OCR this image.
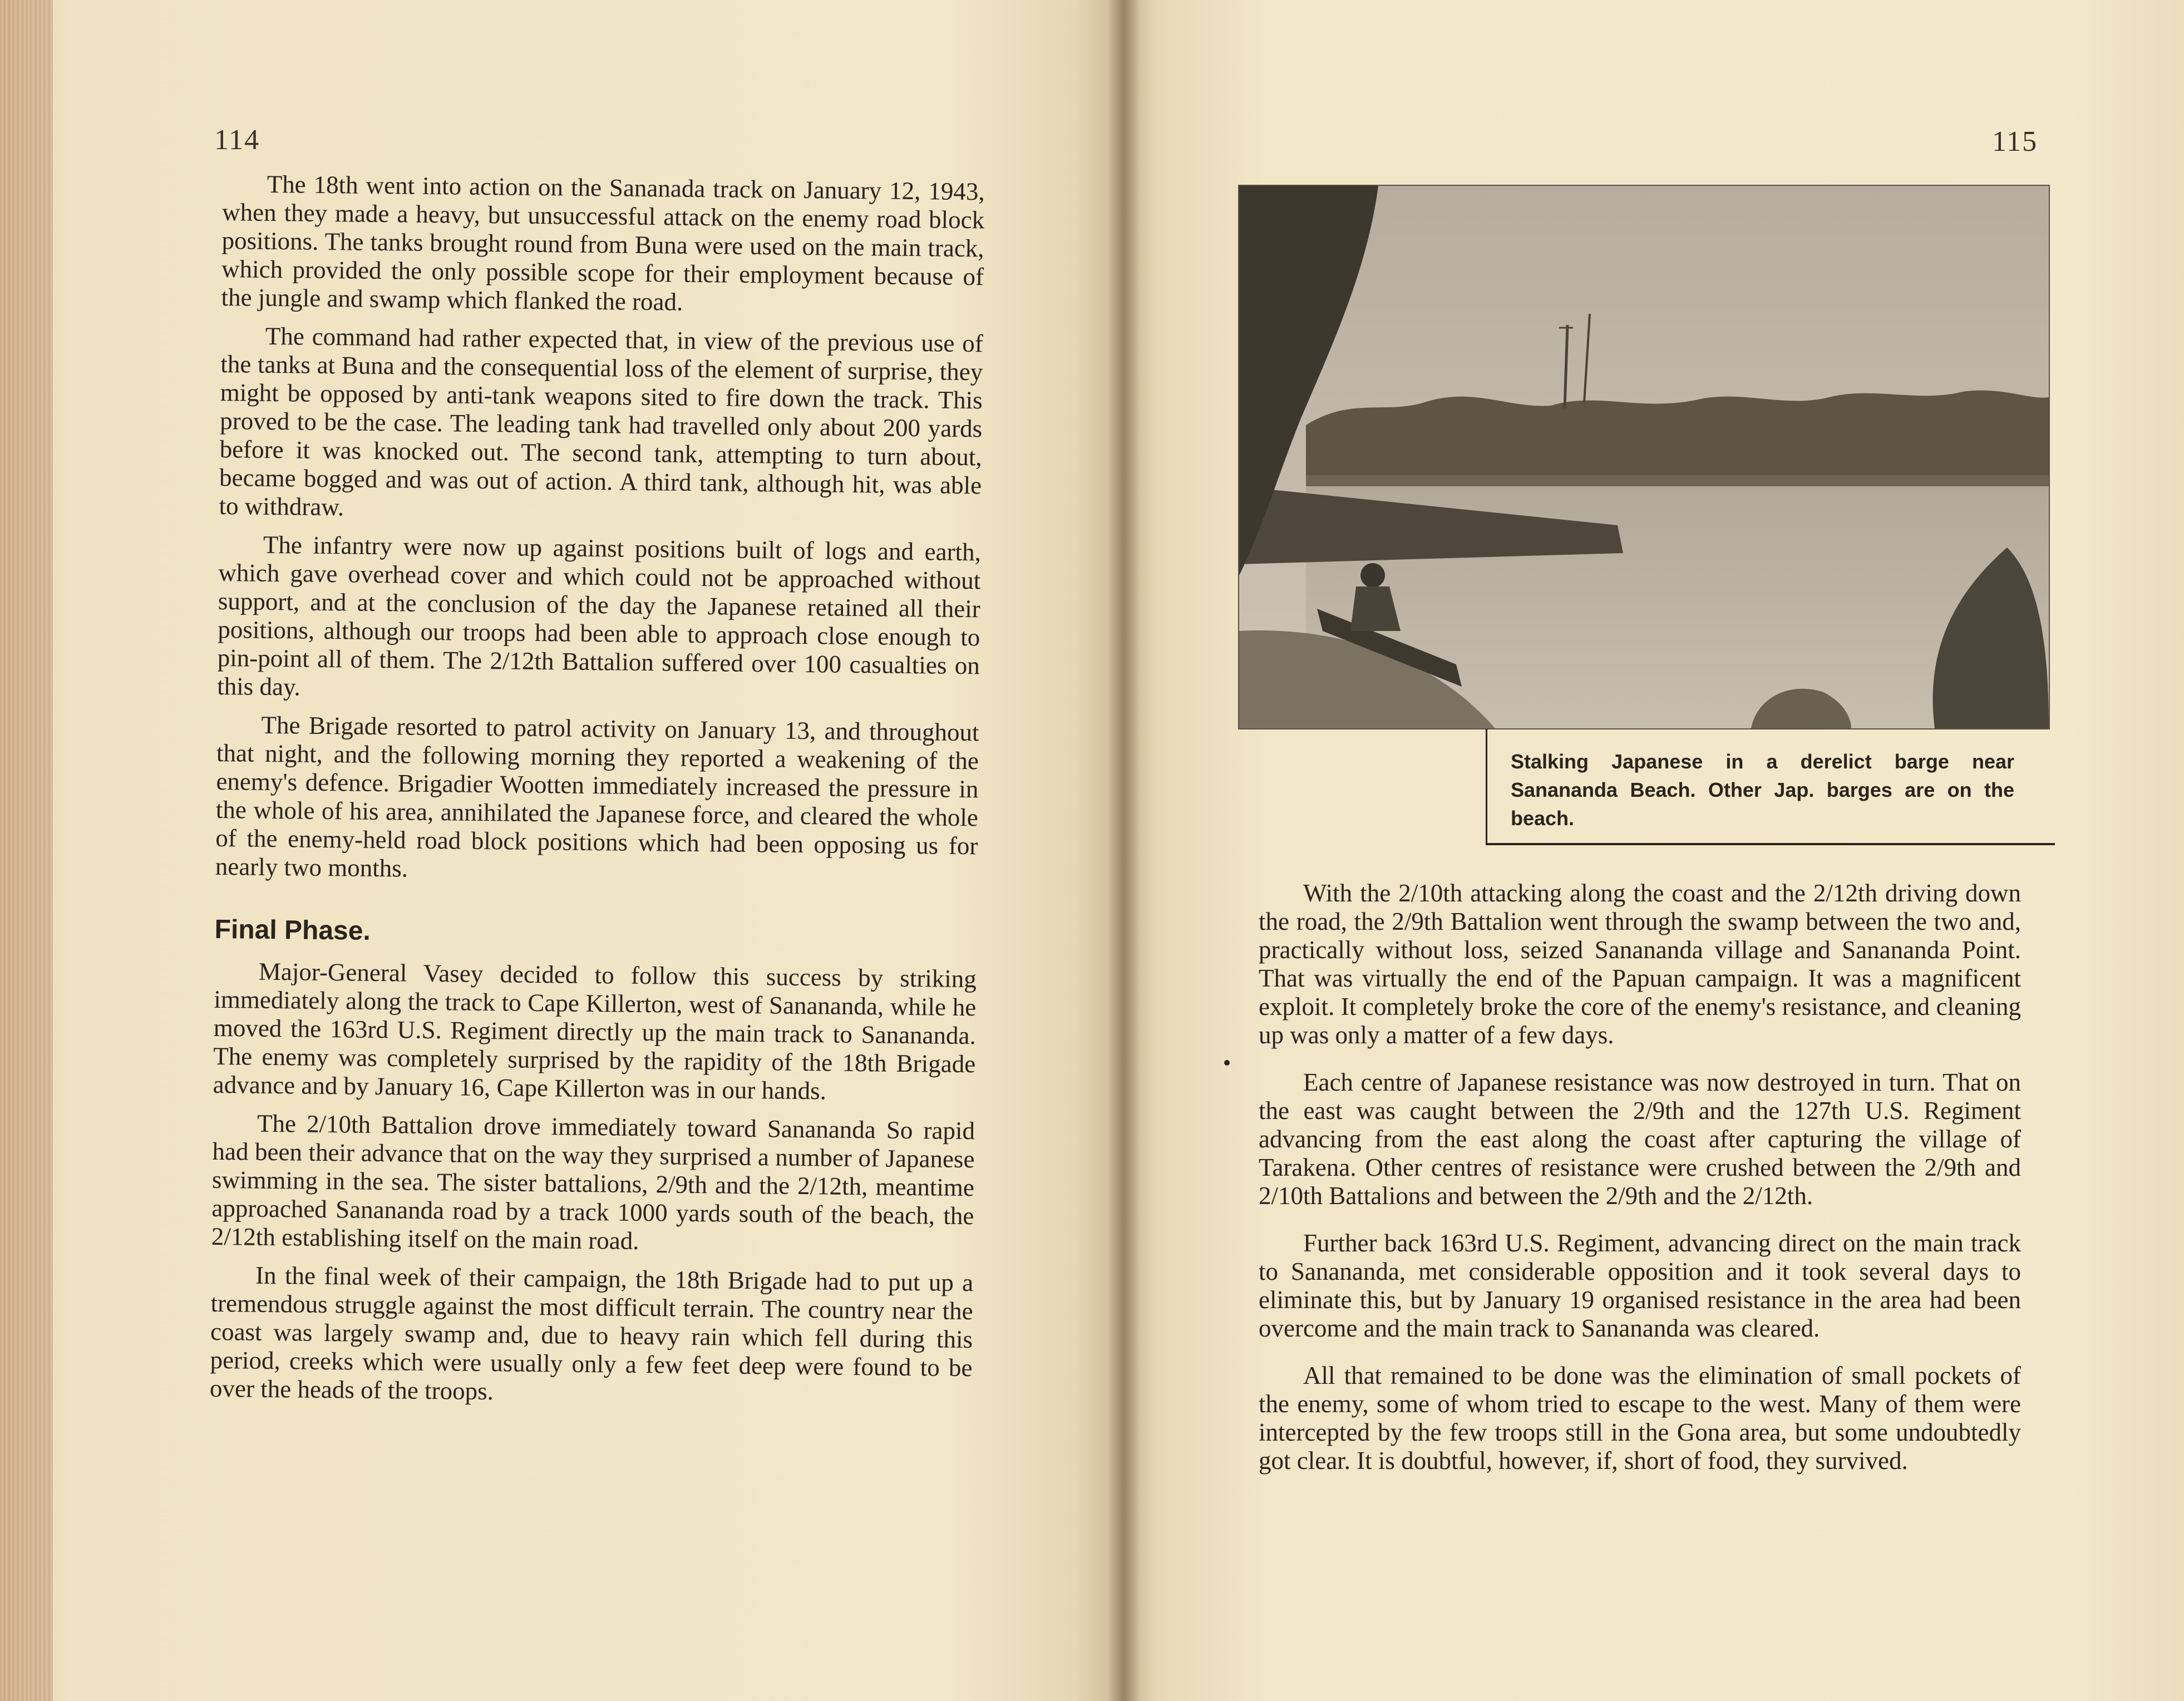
114	115

The 18th went into action on the Sananada track on January 12, 1943, when they made a heavy, but unsuccessful attack on the enemy road block positions. The tanks brought round from Buna were used on the main track, which provided the only possible scope for their employment because of the jungle and swamp which flanked the road.

The command had rather expected that, in view of the previous use of the tanks at Buna and the consequential loss of the element of surprise, they might be opposed by anti-tank weapons sited to fire down the track. This proved to be the case. The leading tank had travelled only about 200 yards before it was knocked out. The second tank, attempting to turn about, became bogged and was out of action. A third tank, although hit, was able to withdraw.

The infantry were now up against positions built of logs and earth, which gave overhead cover and which could not be approached without support, and at the conclusion of the day the Japanese retained all their positions, although our troops had been able to approach close enough to pin-point all of them. The 2/12th Battalion suffered over 100 casualties on this day.

The Brigade resorted to patrol activity on January 13, and throughout that night, and the following morning they reported a weakening of the enemy's defence. Brigadier Wootten immediately increased the pressure in the whole of his area, annihilated the Japanese force, and cleared the whole of the enemy-held road block positions which had been opposing us for nearly two months.

Final Phase.

Major-General Vasey decided to follow this success by striking immediately along the track to Cape Killerton, west of Sanananda, while he moved the 163rd U.S. Regiment directly up the main track to Sanananda. The enemy was completely surprised by the rapidity of the 18th Brigade advance and by January 16, Cape Killerton was in our hands.

The 2/10th Battalion drove immediately toward Sanananda So rapid had been their advance that on the way they surprised a number of Japanese swimming in the sea. The sister battalions, 2/9th and the 2/12th, meantime approached Sanananda road by a track 1000 yards south of the beach, the 2/12th establishing itself on the main road.

In the final week of their campaign, the 18th Brigade had to put up a tremendous struggle against the most difficult terrain. The country near the coast was largely swamp and, due to heavy rain which fell during this period, creeks which were usually only a few feet deep were found to be over the heads of the troops.

Stalking Japanese in a derelict barge near Sanananda Beach. Other Jap. barges are on the beach.

With the 2/10th attacking along the coast and the 2/12th driving down the road, the 2/9th Battalion went through the swamp between the two and, practically without loss, seized Sanananda village and Sanananda Point. That was virtually the end of the Papuan campaign. It was a magnificent exploit. It completely broke the core of the enemy's resistance, and cleaning up was only a matter of a few days.

Each centre of Japanese resistance was now destroyed in turn. That on the east was caught between the 2/9th and the 127th U.S. Regiment advancing from the east along the coast after capturing the village of Tarakena. Other centres of resistance were crushed between the 2/9th and 2/10th Battalions and between the 2/9th and the 2/12th.

Further back 163rd U.S. Regiment, advancing direct on the main track to Sanananda, met considerable opposition and it took several days to eliminate this, but by January 19 organised resistance in the area had been overcome and the main track to Sanananda was cleared.

All that remained to be done was the elimination of small pockets of the enemy, some of whom tried to escape to the west. Many of them were intercepted by the few troops still in the Gona area, but some undoubtedly got clear. It is doubtful, however, if, short of food, they survived.
